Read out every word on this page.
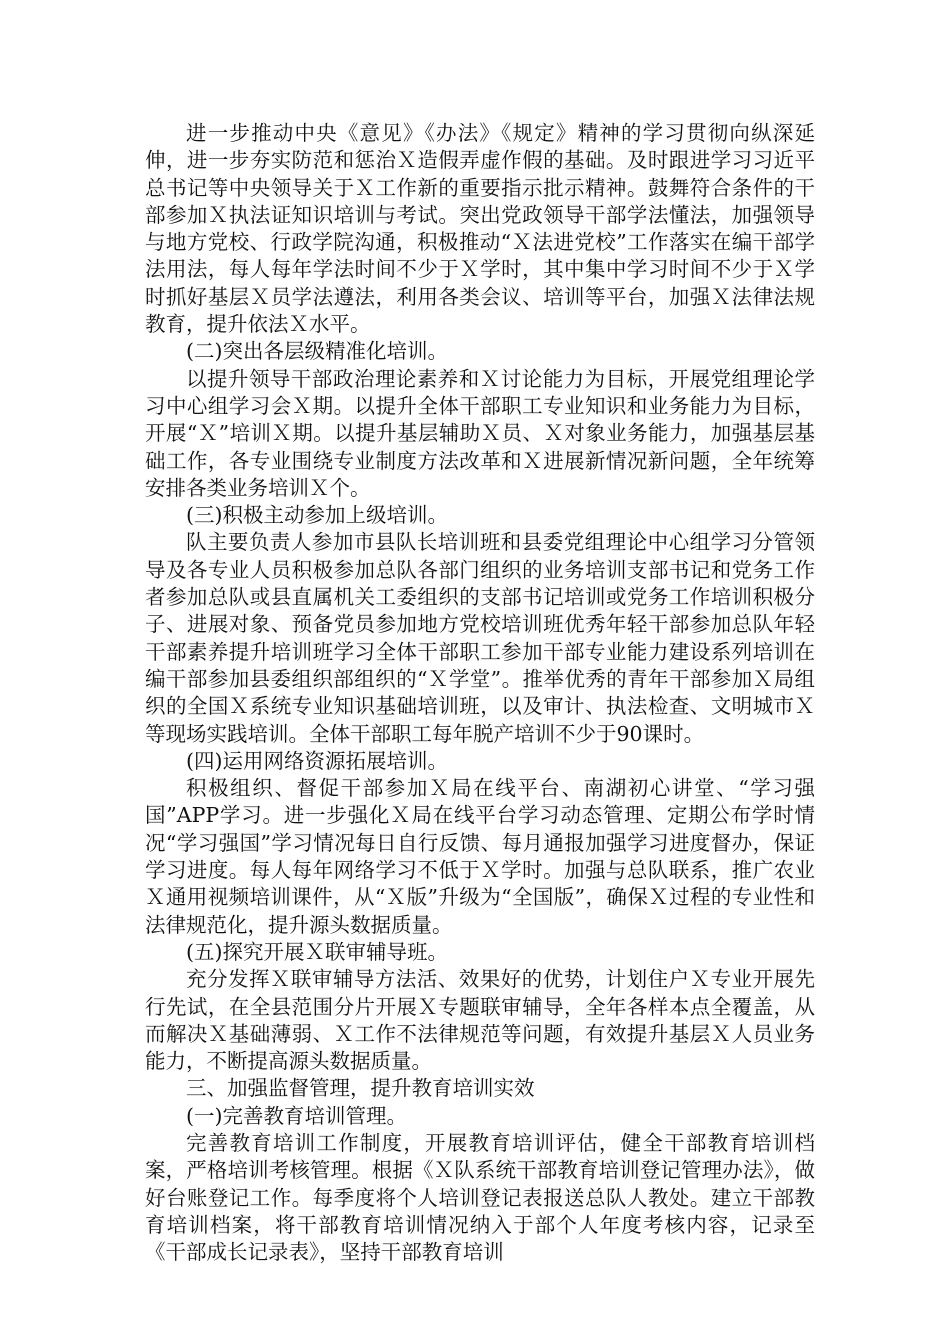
进一步推动中央《意见》《办法》《规定》精神的学习贯彻向纵深延伸，进一步夯实防范和惩治Ｘ造假弄虚作假的基础。及时跟进学习习近平总书记等中央领导关于Ｘ工作新的重要指示批示精神。鼓舞符合条件的干部参加Ｘ执法证知识培训与考试。突出党政领导干部学法懂法，加强领导与地方党校、行政学院沟通，积极推动“Ｘ法进党校”工作落实在编干部学法用法，每人每年学法时间不少于Ｘ学时，其中集中学习时间不少于Ｘ学时抓好基层Ｘ员学法遵法，利用各类会议、培训等平台，加强Ｘ法律法规教育，提升依法Ｘ水平。

(二)突出各层级精准化培训。

以提升领导干部政治理论素养和Ｘ讨论能力为目标，开展党组理论学习中心组学习会Ｘ期。以提升全体干部职工专业知识和业务能力为目标，开展“Ｘ”培训Ｘ期。以提升基层辅助Ｘ员、Ｘ对象业务能力，加强基层基础工作，各专业围绕专业制度方法改革和Ｘ进展新情况新问题，全年统筹安排各类业务培训Ｘ个。

(三)积极主动参加上级培训。

队主要负责人参加市县队长培训班和县委党组理论中心组学习分管领导及各专业人员积极参加总队各部门组织的业务培训支部书记和党务工作者参加总队或县直属机关工委组织的支部书记培训或党务工作培训积极分子、进展对象、预备党员参加地方党校培训班优秀年轻干部参加总队年轻干部素养提升培训班学习全体干部职工参加干部专业能力建设系列培训在编干部参加县委组织部组织的“Ｘ学堂”。推举优秀的青年干部参加Ｘ局组织的全国Ｘ系统专业知识基础培训班，以及审计、执法检查、文明城市Ｘ等现场实践培训。全体干部职工每年脱产培训不少于90课时。

(四)运用网络资源拓展培训。

积极组织、督促干部参加Ｘ局在线平台、南湖初心讲堂、“学习强国”APP学习。进一步强化Ｘ局在线平台学习动态管理、定期公布学时情况“学习强国”学习情况每日自行反馈、每月通报加强学习进度督办，保证学习进度。每人每年网络学习不低于Ｘ学时。加强与总队联系，推广农业Ｘ通用视频培训课件，从“Ｘ版”升级为“全国版”，确保Ｘ过程的专业性和法律规范化，提升源头数据质量。

(五)探究开展Ｘ联审辅导班。

充分发挥Ｘ联审辅导方法活、效果好的优势，计划住户Ｘ专业开展先行先试，在全县范围分片开展Ｘ专题联审辅导，全年各样本点全覆盖，从而解决Ｘ基础薄弱、Ｘ工作不法律规范等问题，有效提升基层Ｘ人员业务能力，不断提高源头数据质量。

三、加强监督管理，提升教育培训实效

(一)完善教育培训管理。

完善教育培训工作制度，开展教育培训评估，健全干部教育培训档案，严格培训考核管理。根据《Ｘ队系统干部教育培训登记管理办法》，做好台账登记工作。每季度将个人培训登记表报送总队人教处。建立干部教育培训档案，将干部教育培训情况纳入于部个人年度考核内容，记录至《干部成长记录表》，坚持干部教育培训
